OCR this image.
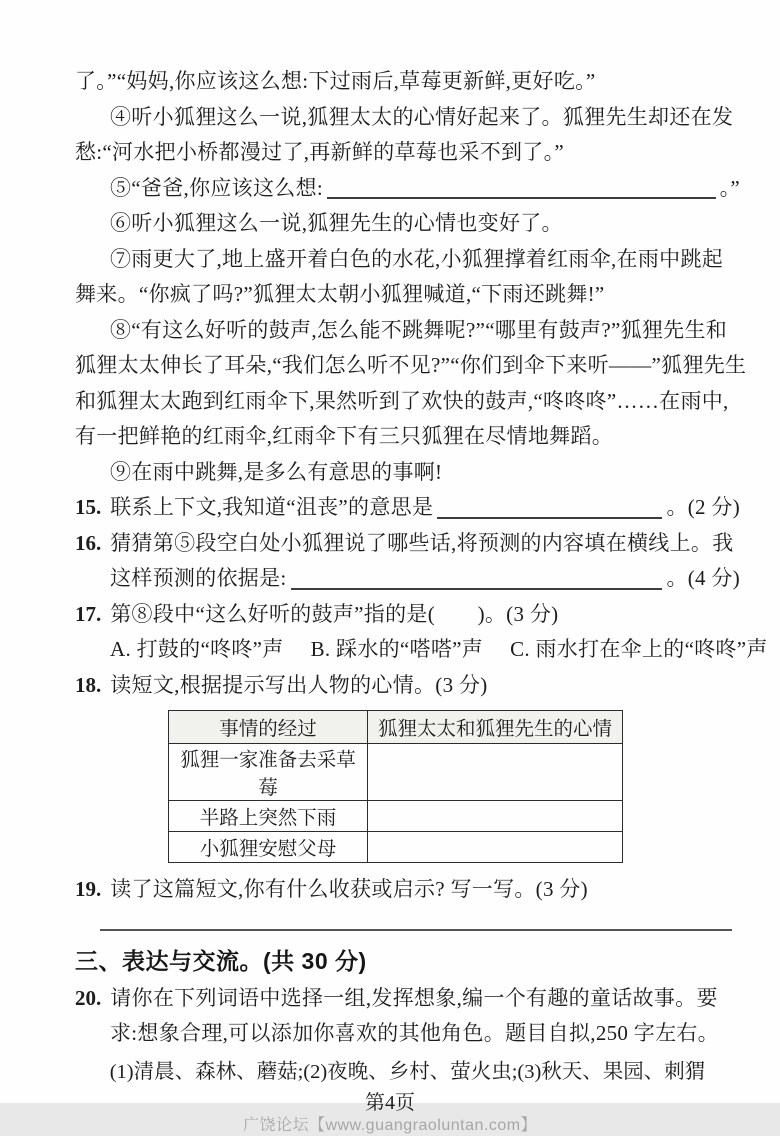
了。”“妈妈,你应该这么想:下过雨后,草莓更新鲜,更好吃。”
④听小狐狸这么一说,狐狸太太的心情好起来了。狐狸先生却还在发
愁:“河水把小桥都漫过了,再新鲜的草莓也采不到了。”
⑤“爸爸,你应该这么想:	。”
⑥听小狐狸这么一说,狐狸先生的心情也变好了。
⑦雨更大了,地上盛开着白色的水花,小狐狸撑着红雨伞,在雨中跳起
舞来。“你疯了吗?”狐狸太太朝小狐狸喊道,“下雨还跳舞!”
⑧“有这么好听的鼓声,怎么能不跳舞呢?”“哪里有鼓声?”狐狸先生和
狐狸太太伸长了耳朵,“我们怎么听不见?”“你们到伞下来听——”狐狸先生
和狐狸太太跑到红雨伞下,果然听到了欢快的鼓声,“咚咚咚”……在雨中,
有一把鲜艳的红雨伞,红雨伞下有三只狐狸在尽情地舞蹈。
⑨在雨中跳舞,是多么有意思的事啊!
15. 联系上下文,我知道“沮丧”的意思是	。(2 分)
16. 猜猜第⑤段空白处小狐狸说了哪些话,将预测的内容填在横线上。我
这样预测的依据是:	。(4 分)
17. 第⑧段中“这么好听的鼓声”指的是(　　)。(3 分)
A. 打鼓的“咚咚”声 B. 踩水的“嗒嗒”声 C. 雨水打在伞上的“咚咚”声
18. 读短文,根据提示写出人物的心情。(3 分)
事情的经过	狐狸太太和狐狸先生的心情
狐狸一家准备去采草莓	
半路上突然下雨	
小狐狸安慰父母	
19. 读了这篇短文,你有什么收获或启示? 写一写。(3 分)
三、表达与交流。(共 30 分)
20. 请你在下列词语中选择一组,发挥想象,编一个有趣的童话故事。要
求:想象合理,可以添加你喜欢的其他角色。题目自拟,250 字左右。
(1)清晨、森林、蘑菇;(2)夜晚、乡村、萤火虫;(3)秋天、果园、刺猬
第4页
广饶论坛【www.guangraoluntan.com】
